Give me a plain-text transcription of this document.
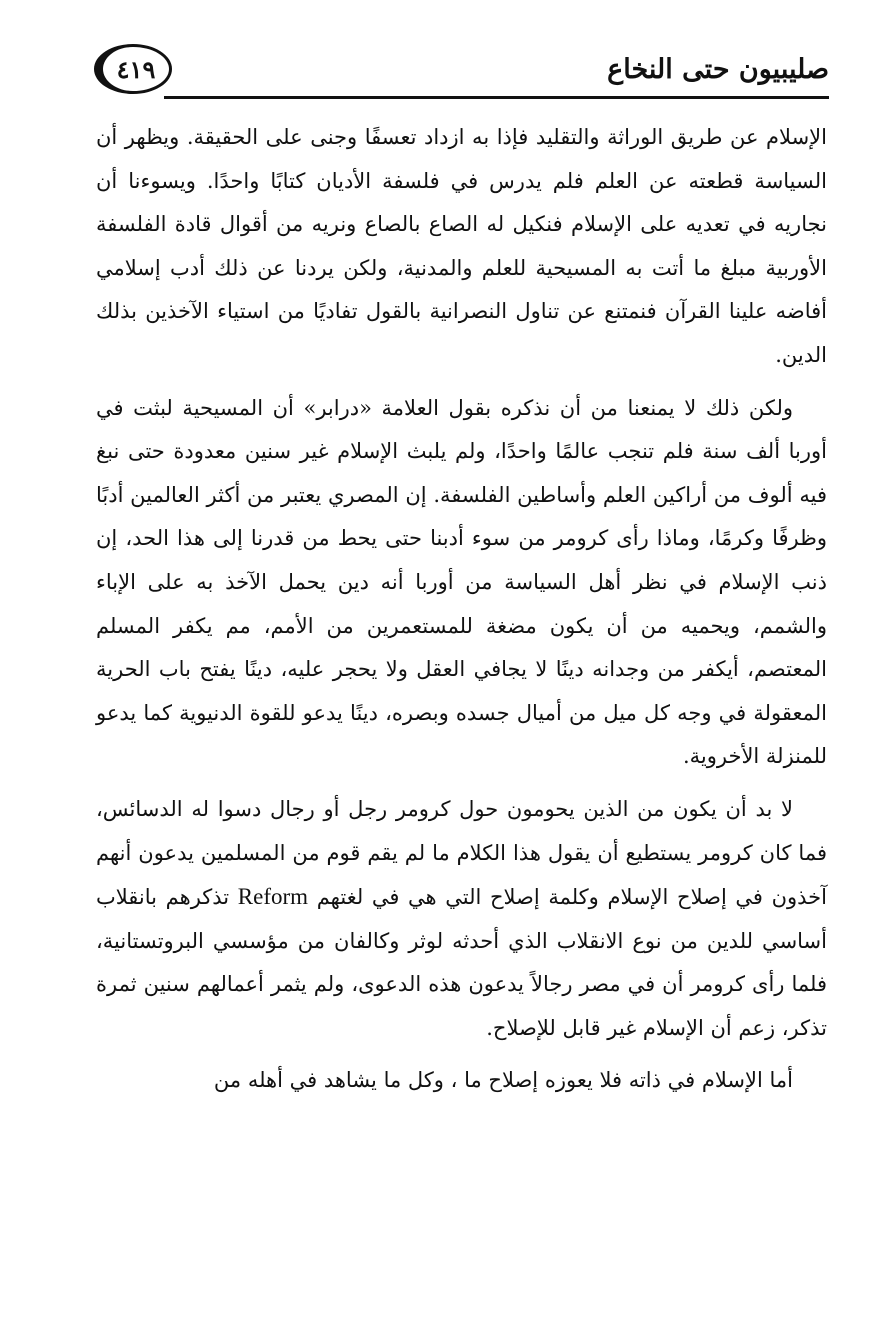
٤١٩	صليبيون حتى النخاع

الإسلام عن طريق الوراثة والتقليد فإذا به ازداد تعسفًا وجنى على الحقيقة. ويظهر أن السياسة قطعته عن العلم فلم يدرس في فلسفة الأديان كتابًا واحدًا. ويسوءنا أن نجاريه في تعديه على الإسلام فنكيل له الصاع بالصاع ونريه من أقوال قادة الفلسفة الأوربية مبلغ ما أتت به المسيحية للعلم والمدنية، ولكن يردنا عن ذلك أدب إسلامي أفاضه علينا القرآن فنمتنع عن تناول النصرانية بالقول تفاديًا من استياء الآخذين بذلك الدين.

ولكن ذلك لا يمنعنا من أن نذكره بقول العلامة «درابر» أن المسيحية لبثت في أوربا ألف سنة فلم تنجب عالمًا واحدًا، ولم يلبث الإسلام غير سنين معدودة حتى نبغ فيه ألوف من أراكين العلم وأساطين الفلسفة. إن المصري يعتبر من أكثر العالمين أدبًا وظرفًا وكرمًا، وماذا رأى كرومر من سوء أدبنا حتى يحط من قدرنا إلى هذا الحد، إن ذنب الإسلام في نظر أهل السياسة من أوربا أنه دين يحمل الآخذ به على الإباء والشمم، ويحميه من أن يكون مضغة للمستعمرين من الأمم، مم يكفر المسلم المعتصم، أيكفر من وجدانه دينًا لا يجافي العقل ولا يحجر عليه، دينًا يفتح باب الحرية المعقولة في وجه كل ميل من أميال جسده وبصره، دينًا يدعو للقوة الدنيوية كما يدعو للمنزلة الأخروية.

لا بد أن يكون من الذين يحومون حول كرومر رجل أو رجال دسوا له الدسائس، فما كان كرومر يستطيع أن يقول هذا الكلام ما لم يقم قوم من المسلمين يدعون أنهم آخذون في إصلاح الإسلام وكلمة إصلاح التي هي في لغتهم Reform تذكرهم بانقلاب أساسي للدين من نوع الانقلاب الذي أحدثه لوثر وكالفان من مؤسسي البروتستانية، فلما رأى كرومر أن في مصر رجالاً يدعون هذه الدعوى، ولم يثمر أعمالهم سنين ثمرة تذكر، زعم أن الإسلام غير قابل للإصلاح.

أما الإسلام في ذاته فلا يعوزه إصلاح ما ، وكل ما يشاهد في أهله من
